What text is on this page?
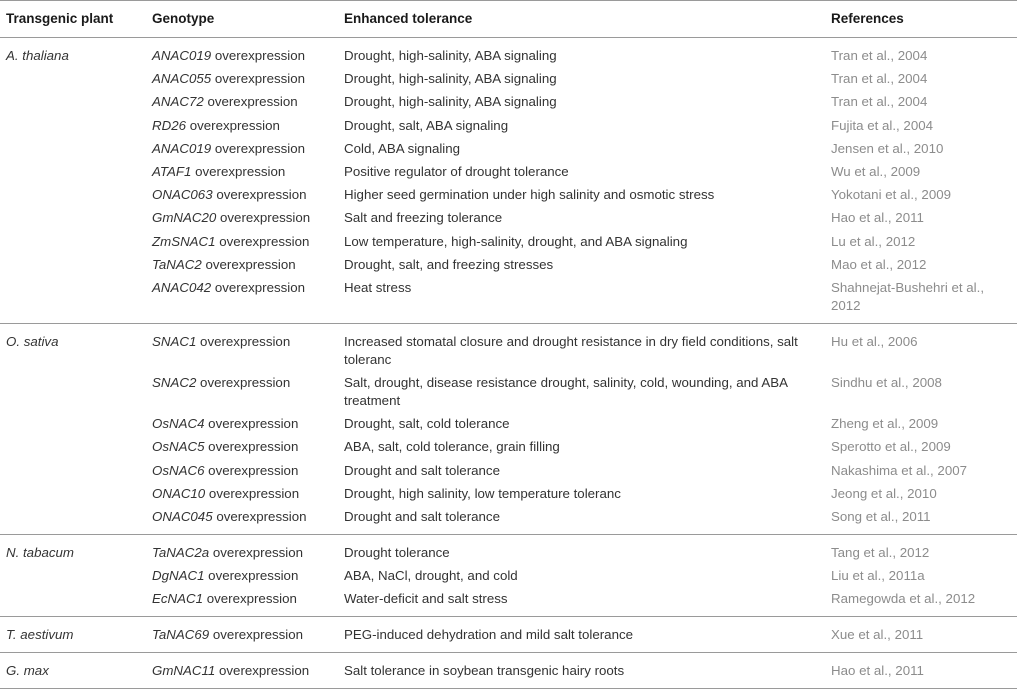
Transgenic plant	Genotype	Enhanced tolerance	References
A. thaliana	ANAC019 overexpression	Drought, high-salinity, ABA signaling	Tran et al., 2004
	ANAC055 overexpression	Drought, high-salinity, ABA signaling	Tran et al., 2004
	ANAC72 overexpression	Drought, high-salinity, ABA signaling	Tran et al., 2004
	RD26 overexpression	Drought, salt, ABA signaling	Fujita et al., 2004
	ANAC019 overexpression	Cold, ABA signaling	Jensen et al., 2010
	ATAF1 overexpression	Positive regulator of drought tolerance	Wu et al., 2009
	ONAC063 overexpression	Higher seed germination under high salinity and osmotic stress	Yokotani et al., 2009
	GmNAC20 overexpression	Salt and freezing tolerance	Hao et al., 2011
	ZmSNAC1 overexpression	Low temperature, high-salinity, drought, and ABA signaling	Lu et al., 2012
	TaNAC2 overexpression	Drought, salt, and freezing stresses	Mao et al., 2012
	ANAC042 overexpression	Heat stress	Shahnejat-Bushehri et al., 2012
O. sativa	SNAC1 overexpression	Increased stomatal closure and drought resistance in dry field conditions, salt toleranc	Hu et al., 2006
	SNAC2 overexpression	Salt, drought, disease resistance drought, salinity, cold, wounding, and ABA treatment	Sindhu et al., 2008
	OsNAC4 overexpression	Drought, salt, cold tolerance	Zheng et al., 2009
	OsNAC5 overexpression	ABA, salt, cold tolerance, grain filling	Sperotto et al., 2009
	OsNAC6 overexpression	Drought and salt tolerance	Nakashima et al., 2007
	ONAC10 overexpression	Drought, high salinity, low temperature toleranc	Jeong et al., 2010
	ONAC045 overexpression	Drought and salt tolerance	Song et al., 2011
N. tabacum	TaNAC2a overexpression	Drought tolerance	Tang et al., 2012
	DgNAC1 overexpression	ABA, NaCl, drought, and cold	Liu et al., 2011a
	EcNAC1 overexpression	Water-deficit and salt stress	Ramegowda et al., 2012
T. aestivum	TaNAC69 overexpression	PEG-induced dehydration and mild salt tolerance	Xue et al., 2011
G. max	GmNAC11 overexpression	Salt tolerance in soybean transgenic hairy roots	Hao et al., 2011
